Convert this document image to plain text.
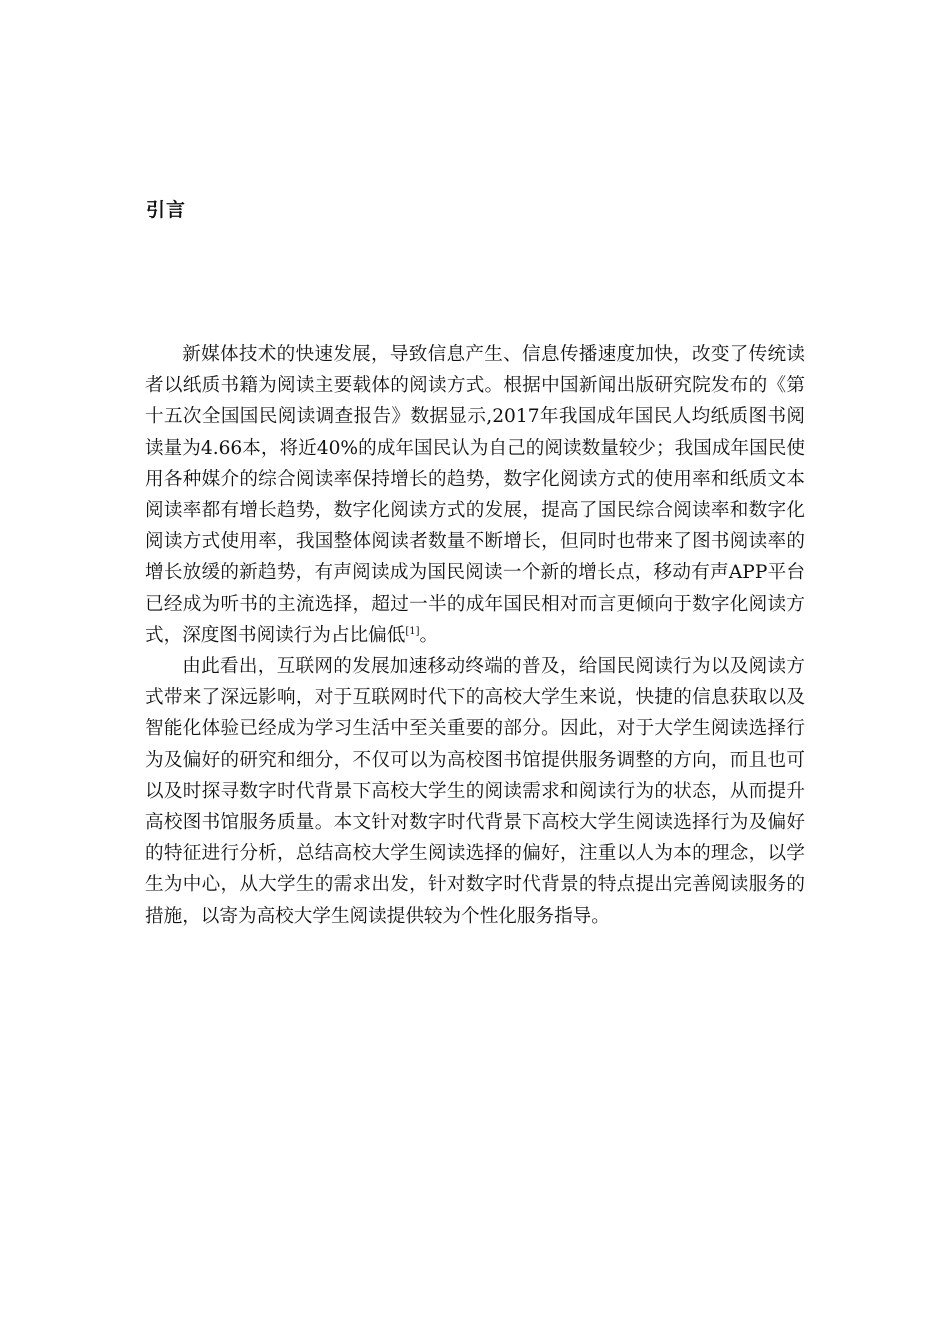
引言

新媒体技术的快速发展，导致信息产生、信息传播速度加快，改变了传统读者以纸质书籍为阅读主要载体的阅读方式。根据中国新闻出版研究院发布的《第十五次全国国民阅读调查报告》数据显示,2017年我国成年国民人均纸质图书阅读量为4.66本，将近40%的成年国民认为自己的阅读数量较少；我国成年国民使用各种媒介的综合阅读率保持增长的趋势，数字化阅读方式的使用率和纸质文本阅读率都有增长趋势，数字化阅读方式的发展，提高了国民综合阅读率和数字化阅读方式使用率，我国整体阅读者数量不断增长，但同时也带来了图书阅读率的增长放缓的新趋势，有声阅读成为国民阅读一个新的增长点，移动有声APP平台已经成为听书的主流选择，超过一半的成年国民相对而言更倾向于数字化阅读方式，深度图书阅读行为占比偏低[1]。

由此看出，互联网的发展加速移动终端的普及，给国民阅读行为以及阅读方式带来了深远影响，对于互联网时代下的高校大学生来说，快捷的信息获取以及智能化体验已经成为学习生活中至关重要的部分。因此，对于大学生阅读选择行为及偏好的研究和细分，不仅可以为高校图书馆提供服务调整的方向，而且也可以及时探寻数字时代背景下高校大学生的阅读需求和阅读行为的状态，从而提升高校图书馆服务质量。本文针对数字时代背景下高校大学生阅读选择行为及偏好的特征进行分析，总结高校大学生阅读选择的偏好，注重以人为本的理念，以学生为中心，从大学生的需求出发，针对数字时代背景的特点提出完善阅读服务的措施，以寄为高校大学生阅读提供较为个性化服务指导。
